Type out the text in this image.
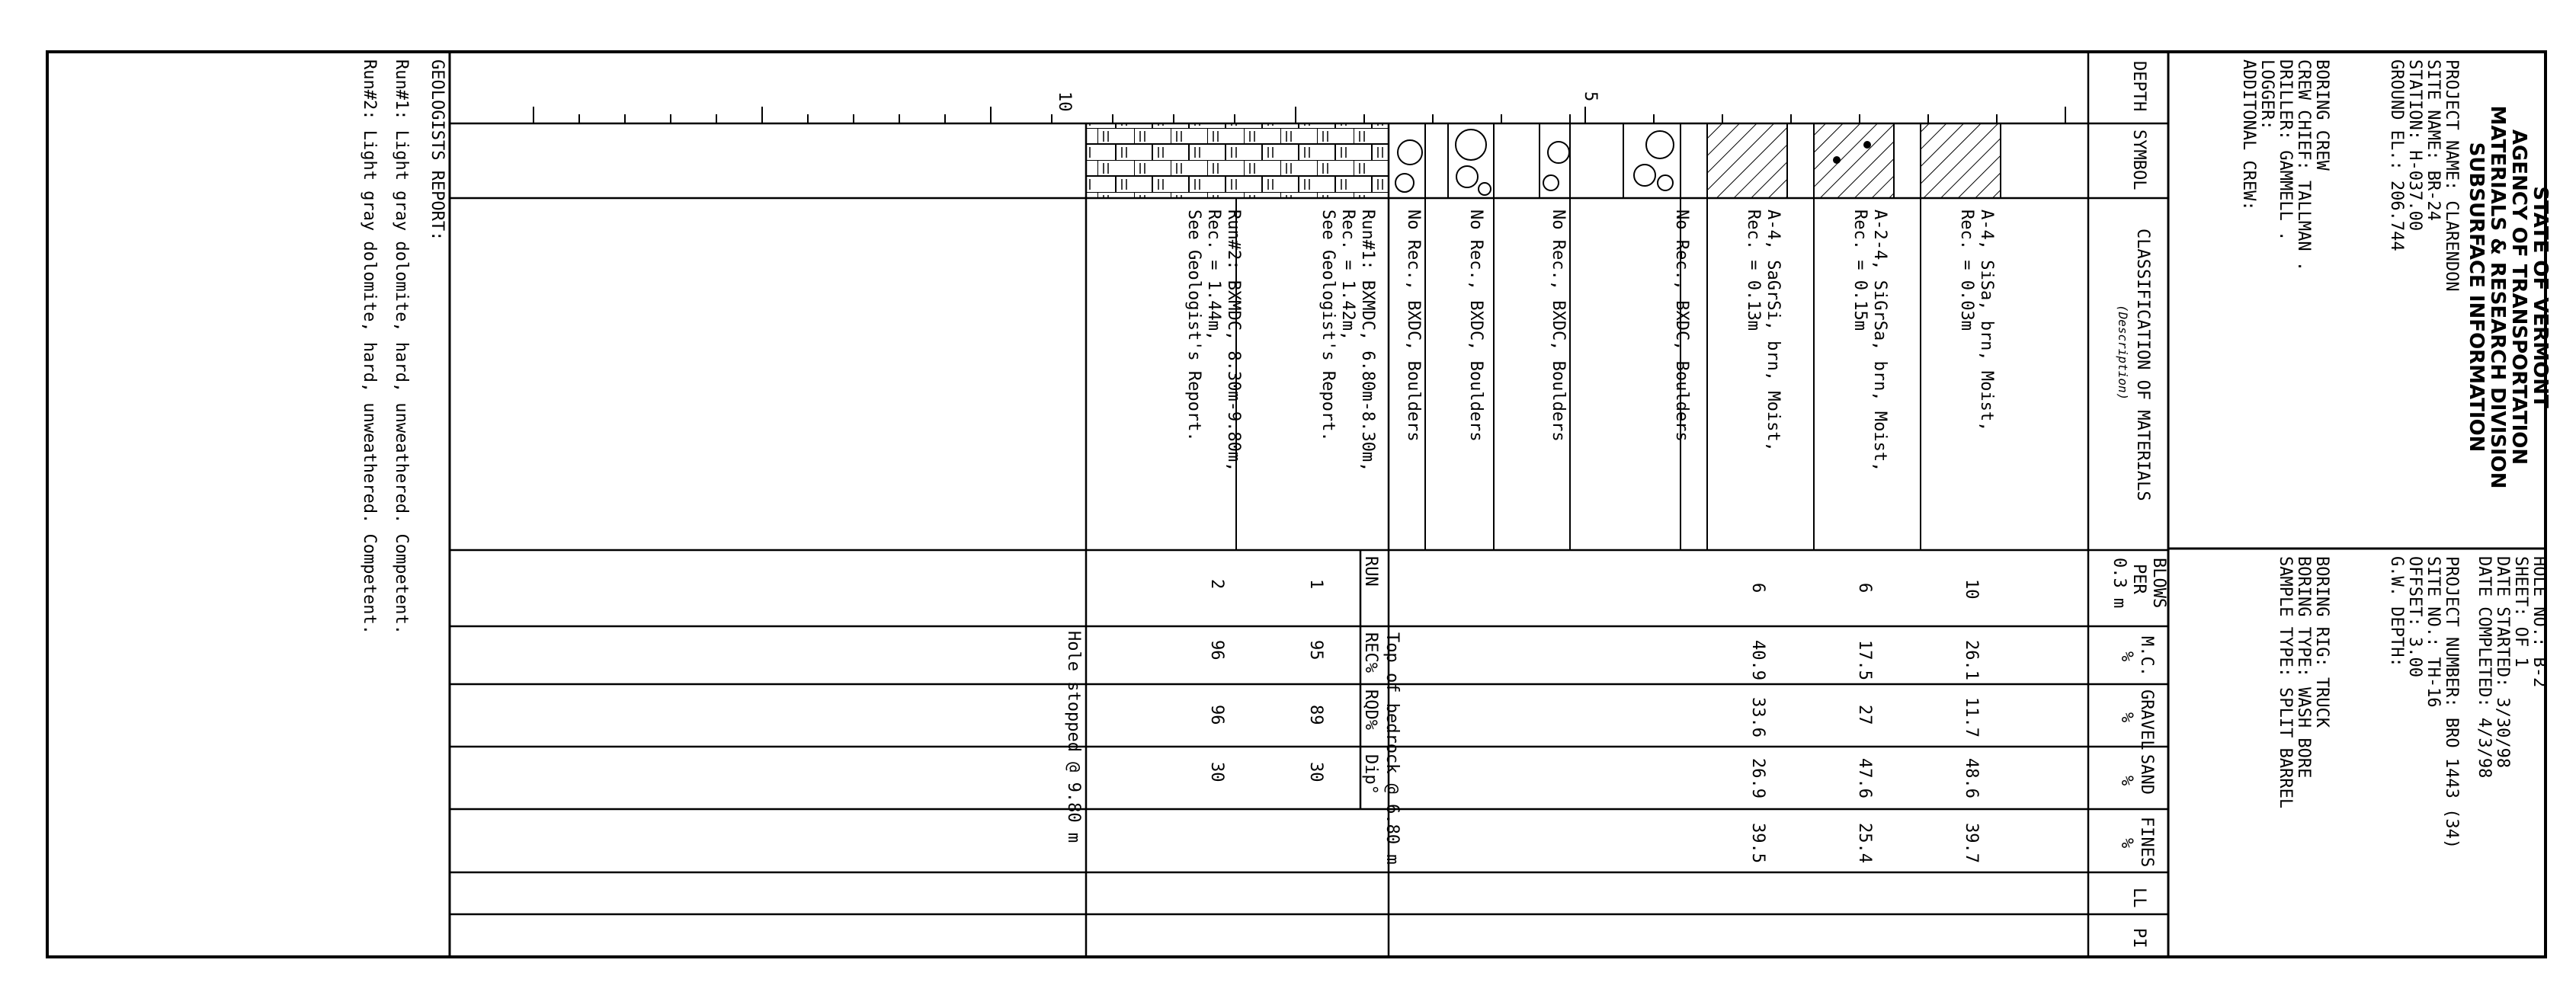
STATE OF VERMONT
AGENCY OF TRANSPORTATION
MATERIALS & RESEARCH DIVISION
SUBSURFACE INFORMATION
PROJECT NAME: CLARENDON
SITE NAME: BR-24
STATION: H-037.00
GROUND EL.: 206.744
BORING CREW
CREW CHIEF: TALLMAN .
DRILLER: GAMMELL .
LOGGER:
ADDITONAL CREW:
HOLE NO.: B-2
SHEET: OF 1
DATE STARTED: 3/30/98
DATE COMPLETED: 4/3/98
PROJECT NUMBER: BRO 1443 (34)
SITE NO.: TH-16
OFFSET: 3.00
G.W. DEPTH:
BORING RIG: TRUCK
BORING TYPE: WASH BORE
SAMPLE TYPE: SPLIT BARREL
DEPTH
SYMBOL
CLASSIFICATION OF MATERIALS
(Description)
BLOWS
PER
0.3 m
M.C.
%
GRAVEL
%
SAND
%
FINES
%
LL
PI
5
10
A-4, SiSa, brn, Moist,
Rec. = 0.03m
10
26.1
11.7
48.6
39.7
A-2-4, SiGrSa, brn, Moist,
Rec. = 0.15m
6
17.5
27
47.6
25.4
A-4, SaGrSi, brn, Moist,
Rec. = 0.13m
6
40.9
33.6
26.9
39.5
No Rec., BXDC, Boulders
No Rec., BXDC, Boulders
No Rec., BXDC, Boulders
No Rec., BXDC, Boulders
RUN
REC%
RQD%
Dip° Top of bedrock @ 6.80 m
Run#1: BXMDC, 6.80m-8.30m,
Rec. = 1.42m,
See Geologist's Report.
1
95
89
30
Run#2: BXMDC, 8.30m-9.80m,
Rec. = 1.44m,
See Geologist's Report.
2
96
96
30
Hole stopped @ 9.80 m
GEOLOGISTS REPORT:
Run#1: Light gray dolomite, hard, unweathered. Competent.
Run#2: Light gray dolomite, hard, unweathered. Competent.
